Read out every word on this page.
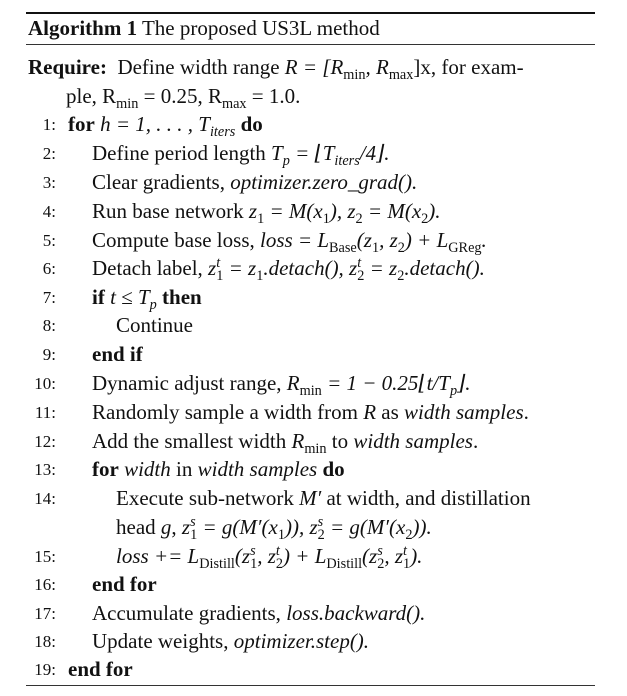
Algorithm 1 The proposed US3L method
Require: Define width range $R = [R_{min}$, $R_{max}]x$, for exam-
ple, $R_{min} = 0.25$, $R_{max} = 1.0$.
1: for h = 1, . . . , $T_{iters}$ do
2: Define period length $T_p$ = $⌊T_{iters}/4⌋$.
3: Clear gradients, optimizer.zero_grad().
4: Run base network $z_1 = M(x_1)$, $z_2 = M(x_2)$.
5: Compute base loss, loss = $L_{Base}(z_1$, $z_2) + L_{GReg}$.
6: Detach label, z t
$1 = z_1.detach()$, z t
$2 = z_2.detach()$.
7: if $t \le T_p$ then
8:	Continue
9: end if
10: Dynamic adjust range, $R_{min} = 1$ − $0.25⌊t/T_p⌋$.
11: Randomly sample a width from R as width samples.
12: Add the smallest width $R_{min}$ to width samples.
13: for width in width samples do
14:	Execute sub-network M′ at width, and distillation
head g, z s
$1 = g(M'(x_1))$, z s
$2 = g(M'(x_2))$.
15:	loss += $L_{Distill}(z$ s
1 , z t
2 ) + $L_{Distill}(z$ s
2 , z t
1 ).
16: end for
17: Accumulate gradients, loss.backward().
18: Update weights, optimizer.step().
19: end for
